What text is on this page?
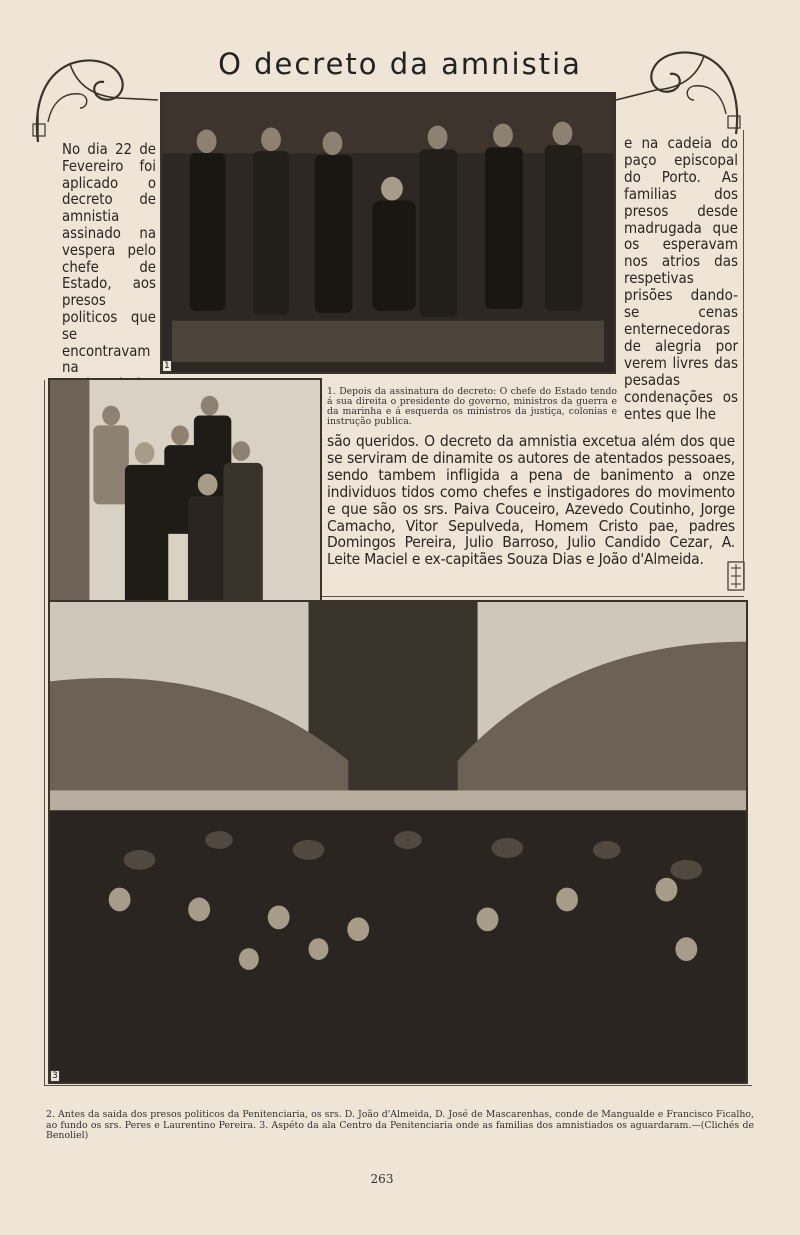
O decreto da amnistia
1

No dia 22 de Fevereiro foi aplicado o decreto de amnistia assinado na vespera pelo chefe de Estado, aos presos politicos que se encontravam na

e na cadeia do paço episcopal do Porto. As familias dos presos desde madrugada que os esperavam nos atrios das respetivas prisões dando-se cenas enternecedoras de alegria por verem livres das pesadas condenações os entes que lhe

1. Depois da assinatura do decreto: O chefe do Estado tendo á sua direita o presidente do governo, ministros da guerra e da marinha e á esquerda os ministros da justiça, colonias e instrução publica.

são queridos. O decreto da amnistia excetua além dos que se serviram de dinamite os autores de atentados pessoaes, sendo tambem infligida a pena de banimento a onze individuos tidos como chefes e instigadores do movimento e que são os srs. Paiva Couceiro, Azevedo Coutinho, Jorge Camacho, Vitor Sepulveda, Homem Cristo pae, padres Domingos Pereira, Julio Barroso, Julio Candido Cezar, A. Leite Maciel e ex-capitães Souza Dias e João d'Almeida.

3

2. Antes da saida dos presos politicos da Penitenciaria, os srs. D. João d'Almeida, D. José de Mascarenhas, conde de Mangualde e Francisco Ficalho, ao fundo os srs. Peres e Laurentino Pereira. 3. Aspéto da ala Centro da Penitenciaria onde as familias dos amnistiados os aguardaram.—(Clichés de Benoliel)

263
